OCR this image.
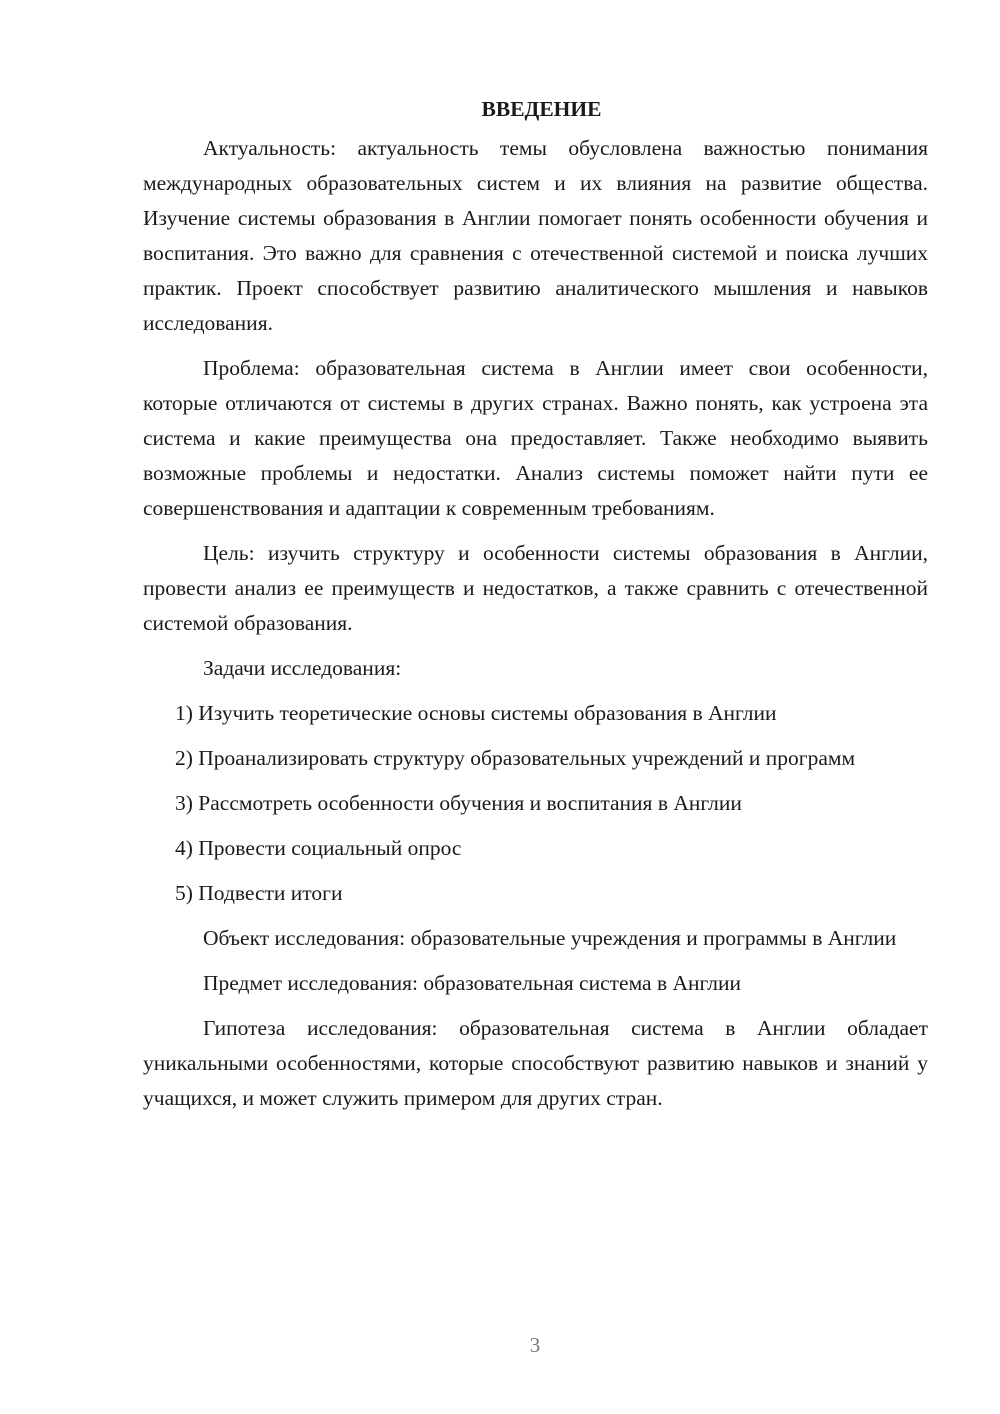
ВВЕДЕНИЕ

Актуальность: актуальность темы обусловлена важностью понимания международных образовательных систем и их влияния на развитие общества. Изучение системы образования в Англии помогает понять особенности обучения и воспитания. Это важно для сравнения с отечественной системой и поиска лучших практик. Проект способствует развитию аналитического мышления и навыков исследования.

Проблема: образовательная система в Англии имеет свои особенности, которые отличаются от системы в других странах. Важно понять, как устроена эта система и какие преимущества она предоставляет. Также необходимо выявить возможные проблемы и недостатки. Анализ системы поможет найти пути ее совершенствования и адаптации к современным требованиям.

Цель: изучить структуру и особенности системы образования в Англии, провести анализ ее преимуществ и недостатков, а также сравнить с отечественной системой образования.

Задачи исследования:

1) Изучить теоретические основы системы образования в Англии

2) Проанализировать структуру образовательных учреждений и программ

3) Рассмотреть особенности обучения и воспитания в Англии

4) Провести социальный опрос

5) Подвести итоги

Объект исследования: образовательные учреждения и программы в Англии

Предмет исследования: образовательная система в Англии

Гипотеза исследования: образовательная система в Англии обладает уникальными особенностями, которые способствуют развитию навыков и знаний у учащихся, и может служить примером для других стран.

3
